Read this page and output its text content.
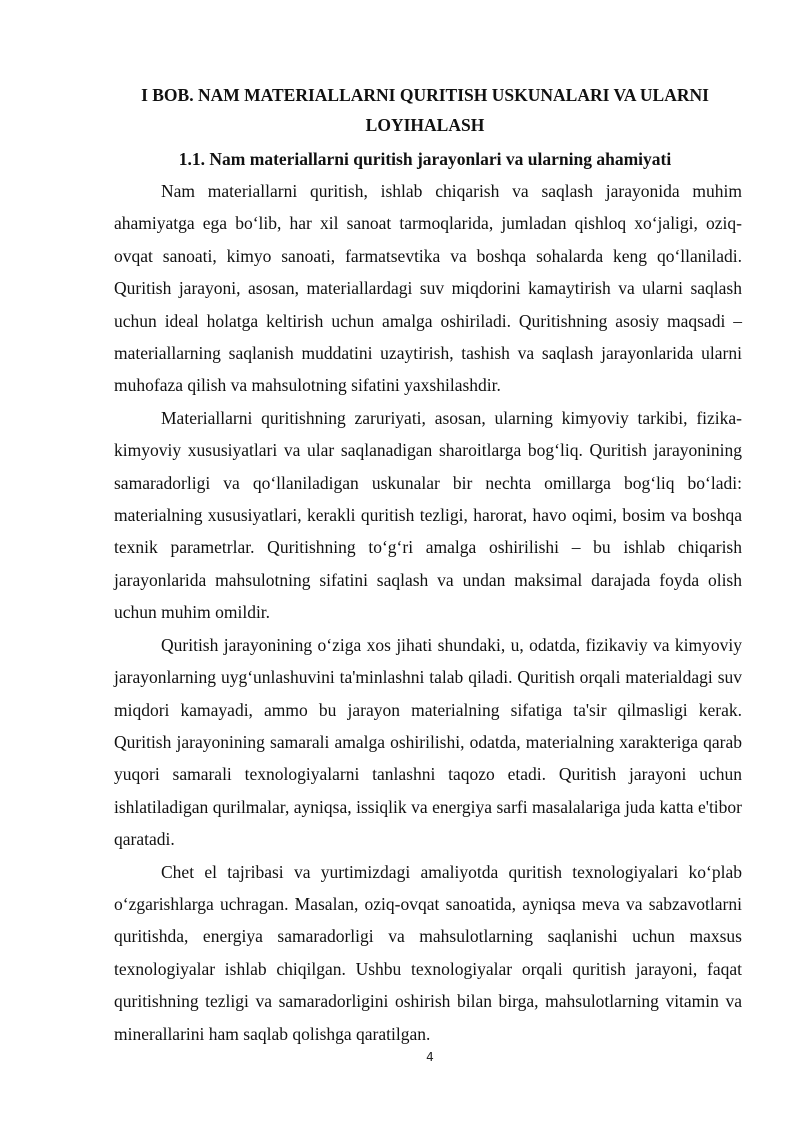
I BOB. NAM MATERIALLARNI QURITISH USKUNALARI VA ULARNI LOYIHALASH
1.1. Nam materiallarni quritish jarayonlari va ularning ahamiyati

Nam materiallarni quritish, ishlab chiqarish va saqlash jarayonida muhim ahamiyatga ega bo‘lib, har xil sanoat tarmoqlarida, jumladan qishloq xo‘jaligi, oziq-ovqat sanoati, kimyo sanoati, farmatsevtika va boshqa sohalarda keng qo‘llaniladi. Quritish jarayoni, asosan, materiallardagi suv miqdorini kamaytirish va ularni saqlash uchun ideal holatga keltirish uchun amalga oshiriladi. Quritishning asosiy maqsadi – materiallarning saqlanish muddatini uzaytirish, tashish va saqlash jarayonlarida ularni muhofaza qilish va mahsulotning sifatini yaxshilashdir.

Materiallarni quritishning zaruriyati, asosan, ularning kimyoviy tarkibi, fizika-kimyoviy xususiyatlari va ular saqlanadigan sharoitlarga bog‘liq. Quritish jarayonining samaradorligi va qo‘llaniladigan uskunalar bir nechta omillarga bog‘liq bo‘ladi: materialning xususiyatlari, kerakli quritish tezligi, harorat, havo oqimi, bosim va boshqa texnik parametrlar. Quritishning to‘g‘ri amalga oshirilishi – bu ishlab chiqarish jarayonlarida mahsulotning sifatini saqlash va undan maksimal darajada foyda olish uchun muhim omildir.

Quritish jarayonining o‘ziga xos jihati shundaki, u, odatda, fizikaviy va kimyoviy jarayonlarning uyg‘unlashuvini ta'minlashni talab qiladi. Quritish orqali materialdagi suv miqdori kamayadi, ammo bu jarayon materialning sifatiga ta'sir qilmasligi kerak. Quritish jarayonining samarali amalga oshirilishi, odatda, materialning xarakteriga qarab yuqori samarali texnologiyalarni tanlashni taqozo etadi. Quritish jarayoni uchun ishlatiladigan qurilmalar, ayniqsa, issiqlik va energiya sarfi masalalariga juda katta e'tibor qaratadi.

Chet el tajribasi va yurtimizdagi amaliyotda quritish texnologiyalari ko‘plab o‘zgarishlarga uchragan. Masalan, oziq-ovqat sanoatida, ayniqsa meva va sabzavotlarni quritishda, energiya samaradorligi va mahsulotlarning saqlanishi uchun maxsus texnologiyalar ishlab chiqilgan. Ushbu texnologiyalar orqali quritish jarayoni, faqat quritishning tezligi va samaradorligini oshirish bilan birga, mahsulotlarning vitamin va minerallarini ham saqlab qolishga qaratilgan.

4
